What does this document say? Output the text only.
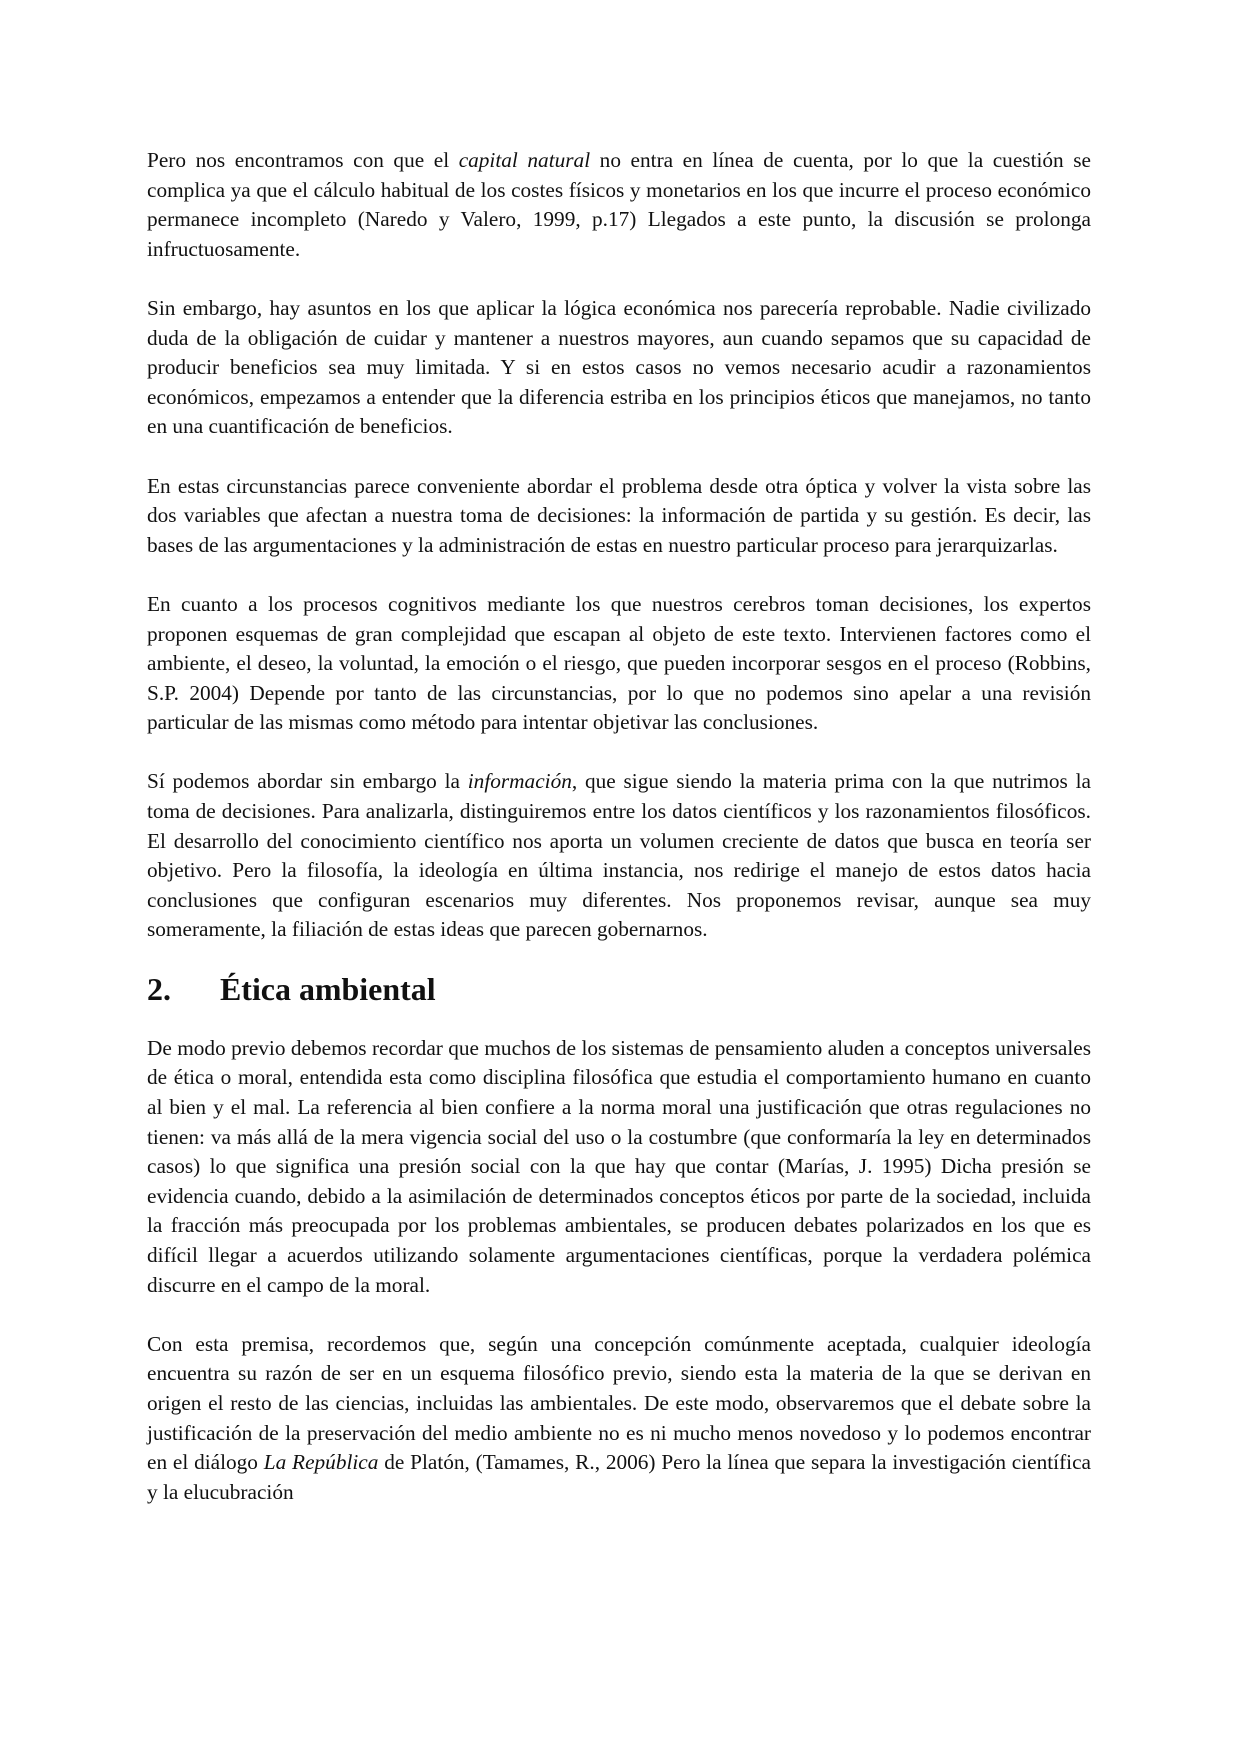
Pero nos encontramos con que el capital natural no entra en línea de cuenta, por lo que la cuestión se complica ya que el cálculo habitual de los costes físicos y monetarios en los que incurre el proceso económico permanece incompleto (Naredo y Valero, 1999, p.17) Llegados a este punto, la discusión se prolonga infructuosamente.

Sin embargo, hay asuntos en los que aplicar la lógica económica nos parecería reprobable. Nadie civilizado duda de la obligación de cuidar y mantener a nuestros mayores, aun cuando sepamos que su capacidad de producir beneficios sea muy limitada. Y si en estos casos no vemos necesario acudir a razonamientos económicos, empezamos a entender que la diferencia estriba en los principios éticos que manejamos, no tanto en una cuantificación de beneficios.

En estas circunstancias parece conveniente abordar el problema desde otra óptica y volver la vista sobre las dos variables que afectan a nuestra toma de decisiones: la información de partida y su gestión. Es decir, las bases de las argumentaciones y la administración de estas en nuestro particular proceso para jerarquizarlas.

En cuanto a los procesos cognitivos mediante los que nuestros cerebros toman decisiones, los expertos proponen esquemas de gran complejidad que escapan al objeto de este texto. Intervienen factores como el ambiente, el deseo, la voluntad, la emoción o el riesgo, que pueden incorporar sesgos en el proceso (Robbins, S.P. 2004) Depende por tanto de las circunstancias, por lo que no podemos sino apelar a una revisión particular de las mismas como método para intentar objetivar las conclusiones.

Sí podemos abordar sin embargo la información, que sigue siendo la materia prima con la que nutrimos la toma de decisiones. Para analizarla, distinguiremos entre los datos científicos y los razonamientos filosóficos. El desarrollo del conocimiento científico nos aporta un volumen creciente de datos que busca en teoría ser objetivo. Pero la filosofía, la ideología en última instancia, nos redirige el manejo de estos datos hacia conclusiones que configuran escenarios muy diferentes. Nos proponemos revisar, aunque sea muy someramente, la filiación de estas ideas que parecen gobernarnos.

2.	Ética ambiental

De modo previo debemos recordar que muchos de los sistemas de pensamiento aluden a conceptos universales de ética o moral, entendida esta como disciplina filosófica que estudia el comportamiento humano en cuanto al bien y el mal. La referencia al bien confiere a la norma moral una justificación que otras regulaciones no tienen: va más allá de la mera vigencia social del uso o la costumbre (que conformaría la ley en determinados casos) lo que significa una presión social con la que hay que contar (Marías, J. 1995) Dicha presión se evidencia cuando, debido a la asimilación de determinados conceptos éticos por parte de la sociedad, incluida la fracción más preocupada por los problemas ambientales, se producen debates polarizados en los que es difícil llegar a acuerdos utilizando solamente argumentaciones científicas, porque la verdadera polémica discurre en el campo de la moral.

Con esta premisa, recordemos que, según una concepción comúnmente aceptada, cualquier ideología encuentra su razón de ser en un esquema filosófico previo, siendo esta la materia de la que se derivan en origen el resto de las ciencias, incluidas las ambientales. De este modo, observaremos que el debate sobre la justificación de la preservación del medio ambiente no es ni mucho menos novedoso y lo podemos encontrar en el diálogo La República de Platón, (Tamames, R., 2006) Pero la línea que separa la investigación científica y la elucubración
